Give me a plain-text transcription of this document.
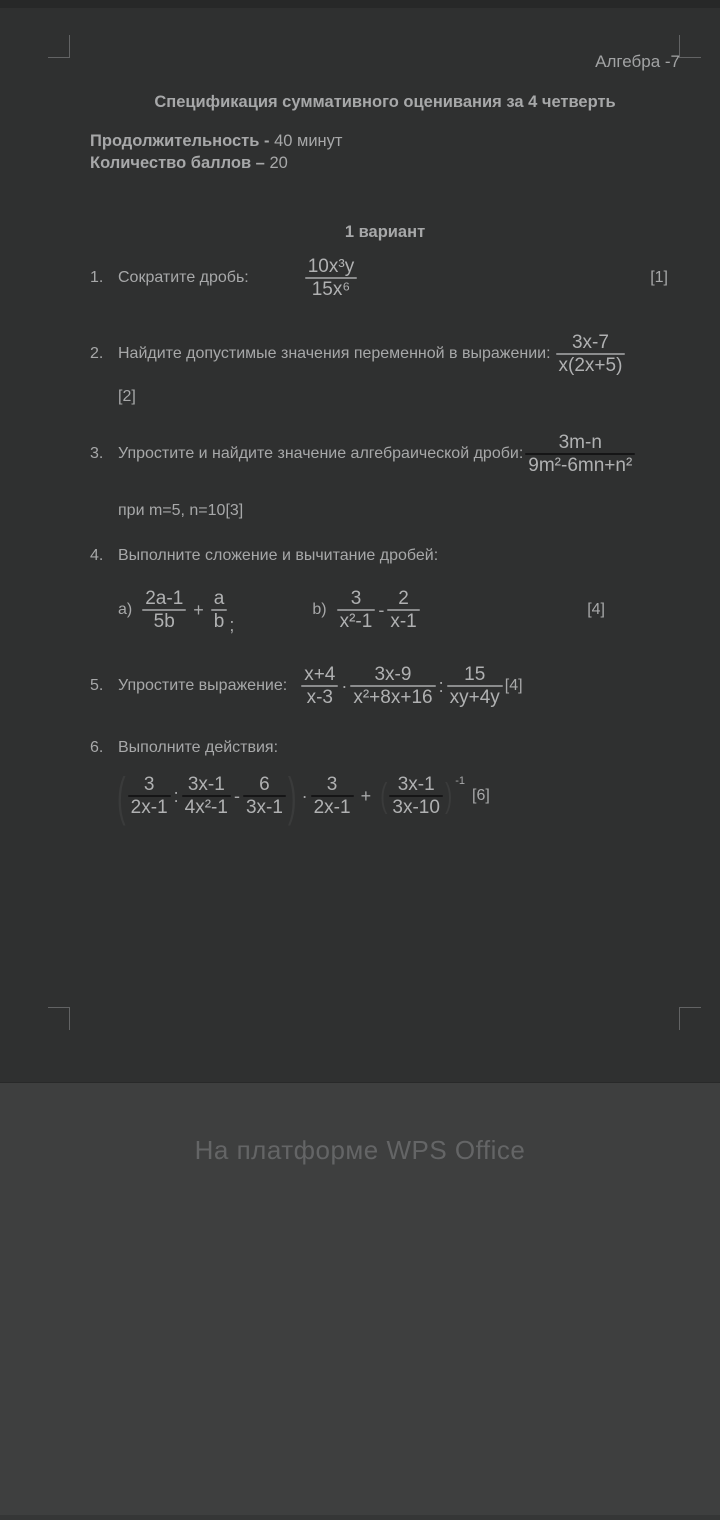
Алгебра -7
Спецификация суммативного оценивания за 4 четверть
Продолжительность - 40 минут
Количество баллов – 20
1 вариант
1. Сократите дробь:	$\frac{\text{10x³y}}{\text{15x⁶}}$	[1]
2. Найдите допустимые значения переменной в выражении: $\frac{3x-7}{x(2x+5)}$
[2]
3. Упростите и найдите значение алгебраической дроби: $\frac{3m-n}{\text{9m²-6mn+n²}}$
при m=5, n=10[3]
4. Выполните сложение и вычитание дробей:
$a) \frac{2a-1}{5b} + \frac{a}{b}$ ;
$b) \frac{3}{\text{x²-1}} - \frac{2}{x-1}$	[4]
5. Упростите выражение: $\frac{x+4}{x-3} \cdot \frac{3x-9}{\text{x²+8x+16}}$ : $\frac{15}{xy+4y} [4]$
6. Выполните действия:
( $\frac{3}{2x-1}$ : $\frac{3x-1}{\text{4x²-1}} - \frac{6}{3x-1}$ ) · $\frac{3}{2x-1}$ + ( $\frac{3x-1}{3x-10}$ ) -1
[6]
На платформе WPS Office
